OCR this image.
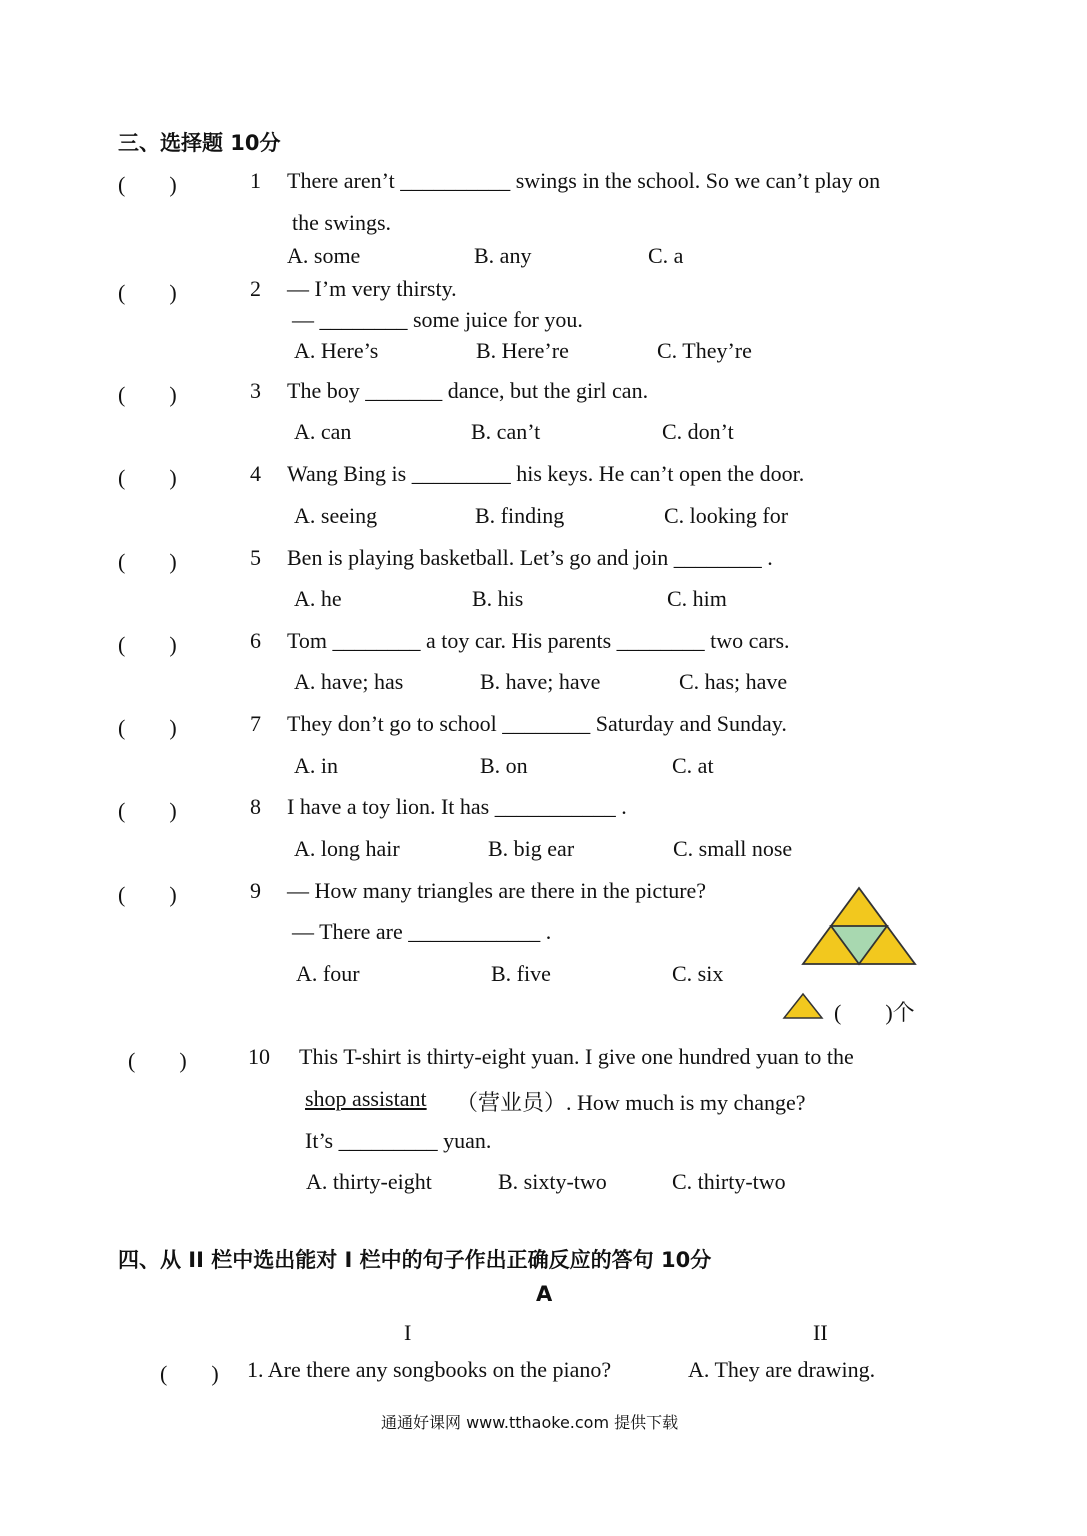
三、选择题 10分
(　　)	1 There aren’t __________ swings in the school. So we can’t play on
the swings.
A. some	B. any	C. a
(　　)	2 — I’m very thirsty.
— ________ some juice for you.
A. Here’s	B. Here’re	C. They’re
(　　)	3 The boy _______ dance, but the girl can.
A. can	B. can’t	C. don’t
(　　)	4 Wang Bing is _________ his keys. He can’t open the door.
A. seeing	B. finding	C. looking for
(　　)	5 Ben is playing basketball. Let’s go and join ________ .
A. he	B. his	C. him
(　　)	6 Tom ________ a toy car. His parents ________ two cars.
A. have; has	B. have; have	C. has; have
(　　)	7 They don’t go to school ________ Saturday and Sunday.
A. in	B. on	C. at
(　　)	8 I have a toy lion. It has ___________ .
A. long hair	B. big ear	C. small nose
(　　)	9 — How many triangles are there in the picture?
— There are ____________ .
A. four	B. five	C. six
(　　)个
(　　)	10 This T-shirt is thirty-eight yuan. I give one hundred yuan to the
shop assistant （营业员）. How much is my change?
It’s _________ yuan.
A. thirty-eight	B. sixty-two	C. thirty-two
四、从 II 栏中选出能对 I 栏中的句子作出正确反应的答句 10分
A
I	II
(　　) 1. Are there any songbooks on the piano?	A. They are drawing.
通通好课网 www.tthaoke.com 提供下载
